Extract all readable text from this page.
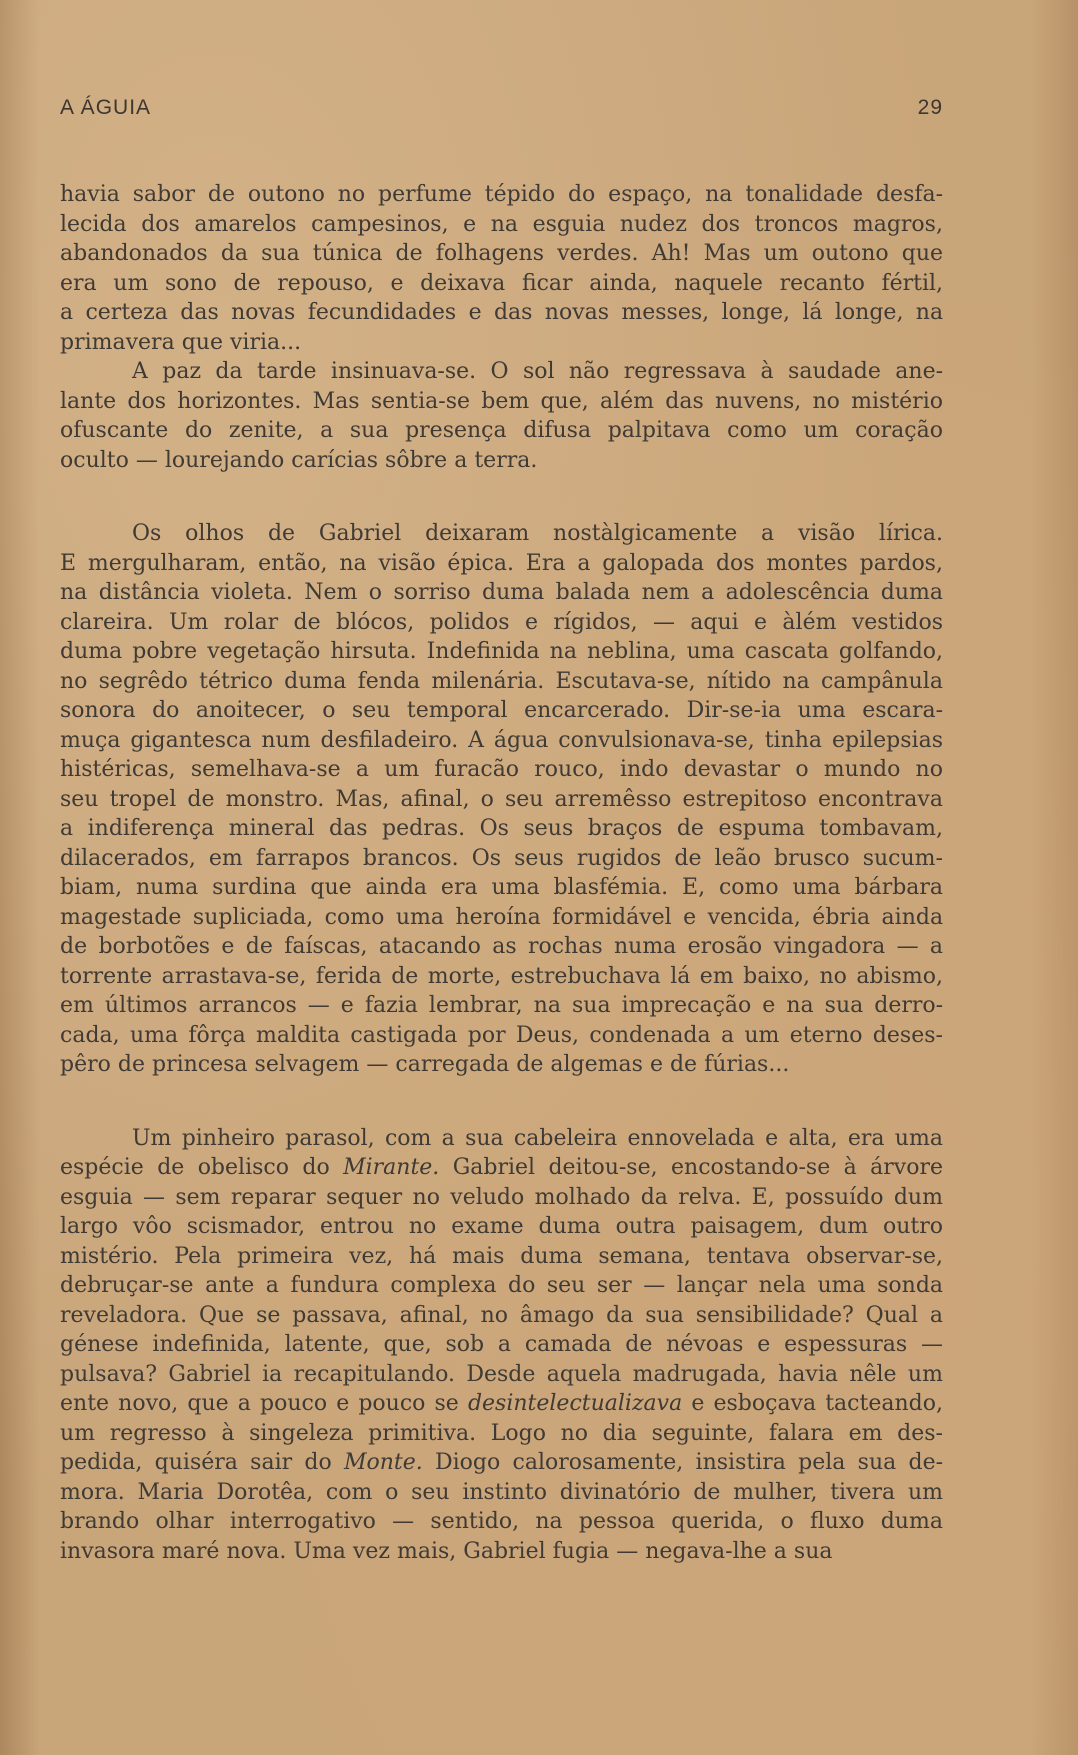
A ÁGUIA	29

havia sabor de outono no perfume tépido do espaço, na tonalidade desfa-
lecida dos amarelos campesinos, e na esguia nudez dos troncos magros,
abandonados da sua túnica de folhagens verdes. Ah! Mas um outono que
era um sono de repouso, e deixava ficar ainda, naquele recanto fértil,
a certeza das novas fecundidades e das novas messes, longe, lá longe, na
primavera que viria...

A paz da tarde insinuava-se. O sol não regressava à saudade ane-
lante dos horizontes. Mas sentia-se bem que, além das nuvens, no mistério
ofuscante do zenite, a sua presença difusa palpitava como um coração
oculto — lourejando carícias sôbre a terra.

Os olhos de Gabriel deixaram nostàlgicamente a visão lírica.
E mergulharam, então, na visão épica. Era a galopada dos montes pardos,
na distância violeta. Nem o sorriso duma balada nem a adolescência duma
clareira. Um rolar de blócos, polidos e rígidos, — aqui e àlém vestidos
duma pobre vegetação hirsuta. Indefinida na neblina, uma cascata golfando,
no segrêdo tétrico duma fenda milenária. Escutava-se, nítido na campânula
sonora do anoitecer, o seu temporal encarcerado. Dir-se-ia uma escara-
muça gigantesca num desfiladeiro. A água convulsionava-se, tinha epilepsias
histéricas, semelhava-se a um furacão rouco, indo devastar o mundo no
seu tropel de monstro. Mas, afinal, o seu arremêsso estrepitoso encontrava
a indiferença mineral das pedras. Os seus braços de espuma tombavam,
dilacerados, em farrapos brancos. Os seus rugidos de leão brusco sucum-
biam, numa surdina que ainda era uma blasfémia. E, como uma bárbara
magestade supliciada, como uma heroína formidável e vencida, ébria ainda
de borbotões e de faíscas, atacando as rochas numa erosão vingadora — a
torrente arrastava-se, ferida de morte, estrebuchava lá em baixo, no abismo,
em últimos arrancos — e fazia lembrar, na sua imprecação e na sua derro-
cada, uma fôrça maldita castigada por Deus, condenada a um eterno deses-
pêro de princesa selvagem — carregada de algemas e de fúrias...

Um pinheiro parasol, com a sua cabeleira ennovelada e alta, era uma
espécie de obelisco do Mirante. Gabriel deitou-se, encostando-se à árvore
esguia — sem reparar sequer no veludo molhado da relva. E, possuído dum
largo vôo scismador, entrou no exame duma outra paisagem, dum outro
mistério. Pela primeira vez, há mais duma semana, tentava observar-se,
debruçar-se ante a fundura complexa do seu ser — lançar nela uma sonda
reveladora. Que se passava, afinal, no âmago da sua sensibilidade? Qual a
génese indefinida, latente, que, sob a camada de névoas e espessuras —
pulsava? Gabriel ia recapitulando. Desde aquela madrugada, havia nêle um
ente novo, que a pouco e pouco se desintelectualizava e esboçava tacteando,
um regresso à singeleza primitiva. Logo no dia seguinte, falara em des-
pedida, quiséra sair do Monte. Diogo calorosamente, insistira pela sua de-
mora. Maria Dorotêa, com o seu instinto divinatório de mulher, tivera um
brando olhar interrogativo — sentido, na pessoa querida, o fluxo duma
invasora maré nova. Uma vez mais, Gabriel fugia — negava-lhe a sua
